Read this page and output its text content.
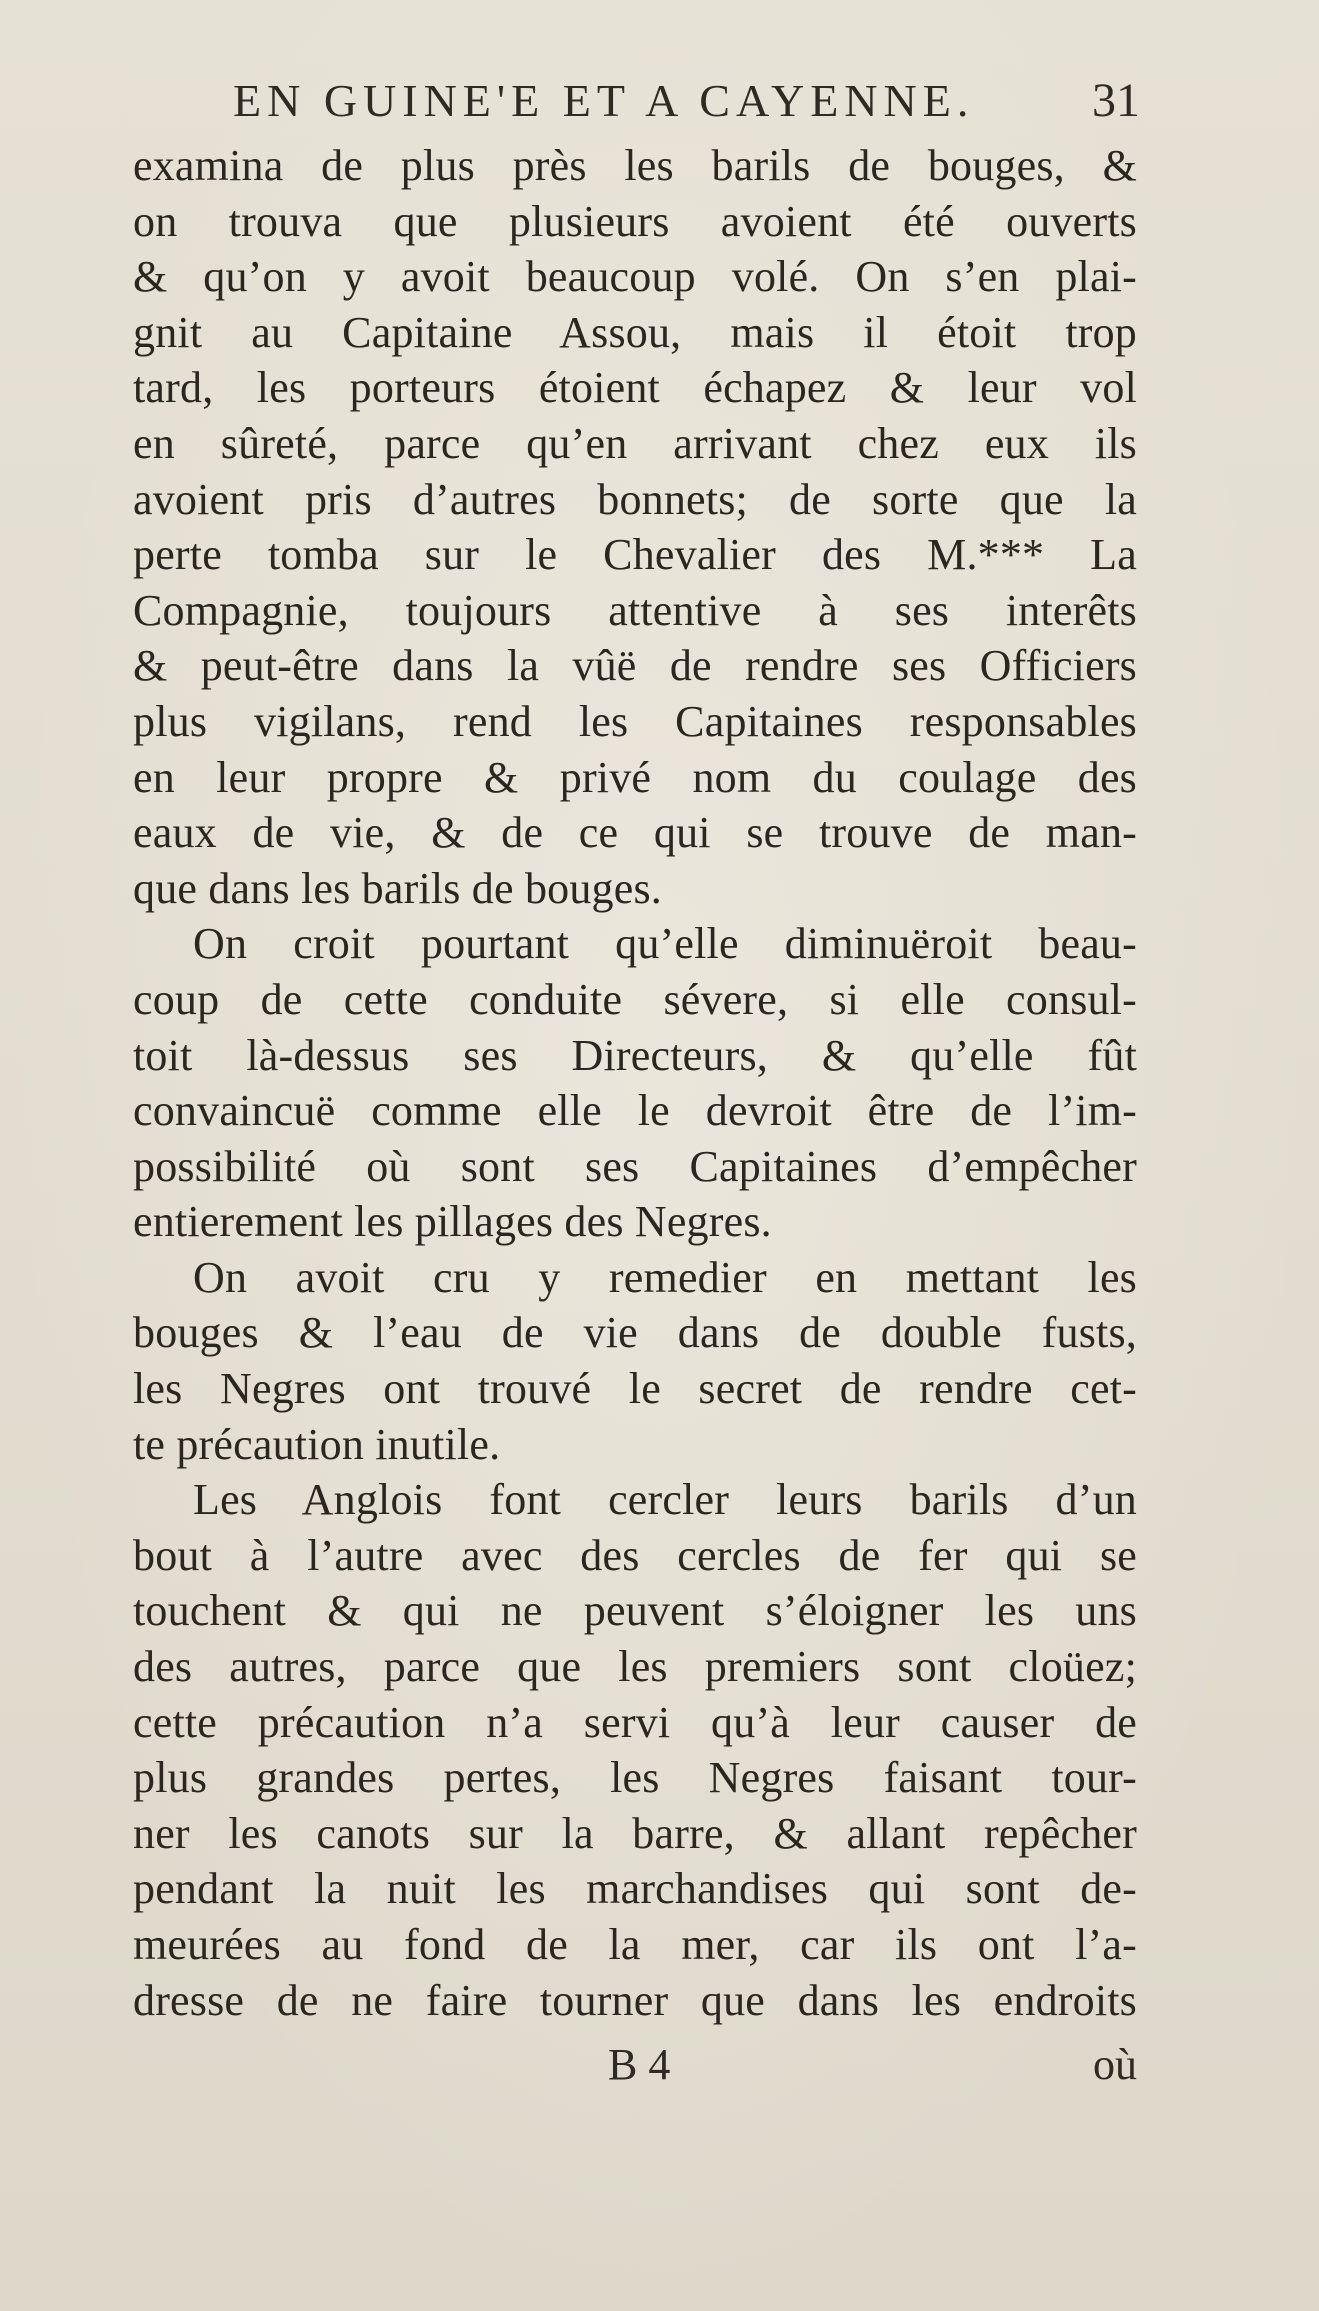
EN GUINE'E ET A CAYENNE. 31
examina de plus près les barils de bouges, &
on trouva que plusieurs avoient été ouverts
& qu’on y avoit beaucoup volé. On s’en plai-
gnit au Capitaine Assou, mais il étoit trop
tard, les porteurs étoient échapez & leur vol
en sûreté, parce qu’en arrivant chez eux ils
avoient pris d’autres bonnets; de sorte que la
perte tomba sur le Chevalier des M.*** La
Compagnie, toujours attentive à ses interêts
& peut-être dans la vûë de rendre ses Officiers
plus vigilans, rend les Capitaines responsables
en leur propre & privé nom du coulage des
eaux de vie, & de ce qui se trouve de man-
que dans les barils de bouges.
On croit pourtant qu’elle diminuëroit beau-
coup de cette conduite sévere, si elle consul-
toit là-dessus ses Directeurs, & qu’elle fût
convaincuë comme elle le devroit être de l’im-
possibilité où sont ses Capitaines d’empêcher
entierement les pillages des Negres.
On avoit cru y remedier en mettant les
bouges & l’eau de vie dans de double fusts,
les Negres ont trouvé le secret de rendre cet-
te précaution inutile.
Les Anglois font cercler leurs barils d’un
bout à l’autre avec des cercles de fer qui se
touchent & qui ne peuvent s’éloigner les uns
des autres, parce que les premiers sont cloüez;
cette précaution n’a servi qu’à leur causer de
plus grandes pertes, les Negres faisant tour-
ner les canots sur la barre, & allant repêcher
pendant la nuit les marchandises qui sont de-
meurées au fond de la mer, car ils ont l’a-
dresse de ne faire tourner que dans les endroits
B 4	où
